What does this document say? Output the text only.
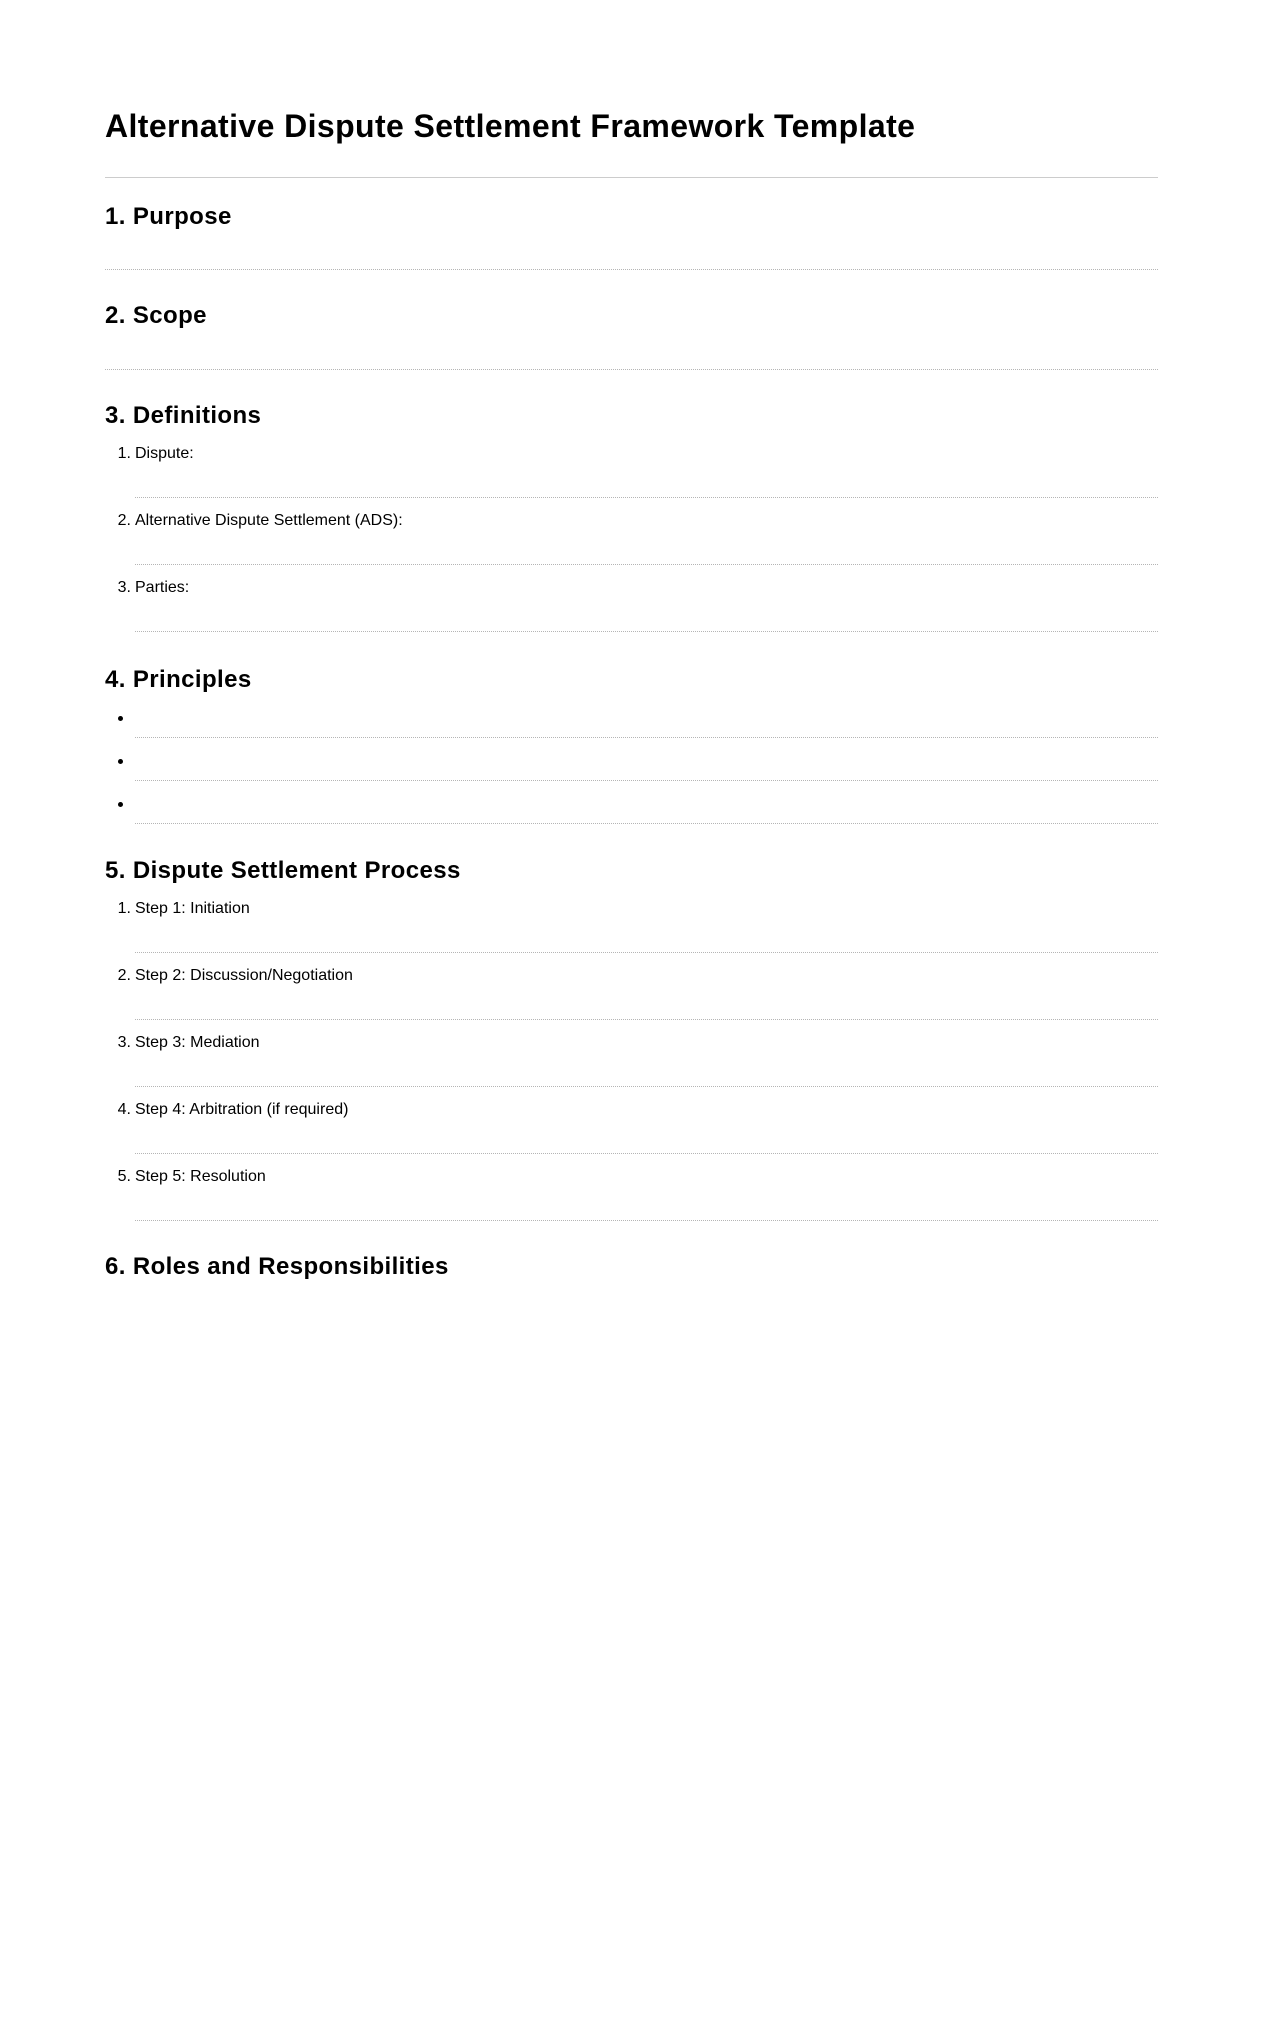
Alternative Dispute Settlement Framework Template
1. Purpose
2. Scope
3. Definitions
1. Dispute:
2. Alternative Dispute Settlement (ADS):
3. Parties:
4. Principles
5. Dispute Settlement Process
1. Step 1: Initiation
2. Step 2: Discussion/Negotiation
3. Step 3: Mediation
4. Step 4: Arbitration (if required)
5. Step 5: Resolution
6. Roles and Responsibilities
